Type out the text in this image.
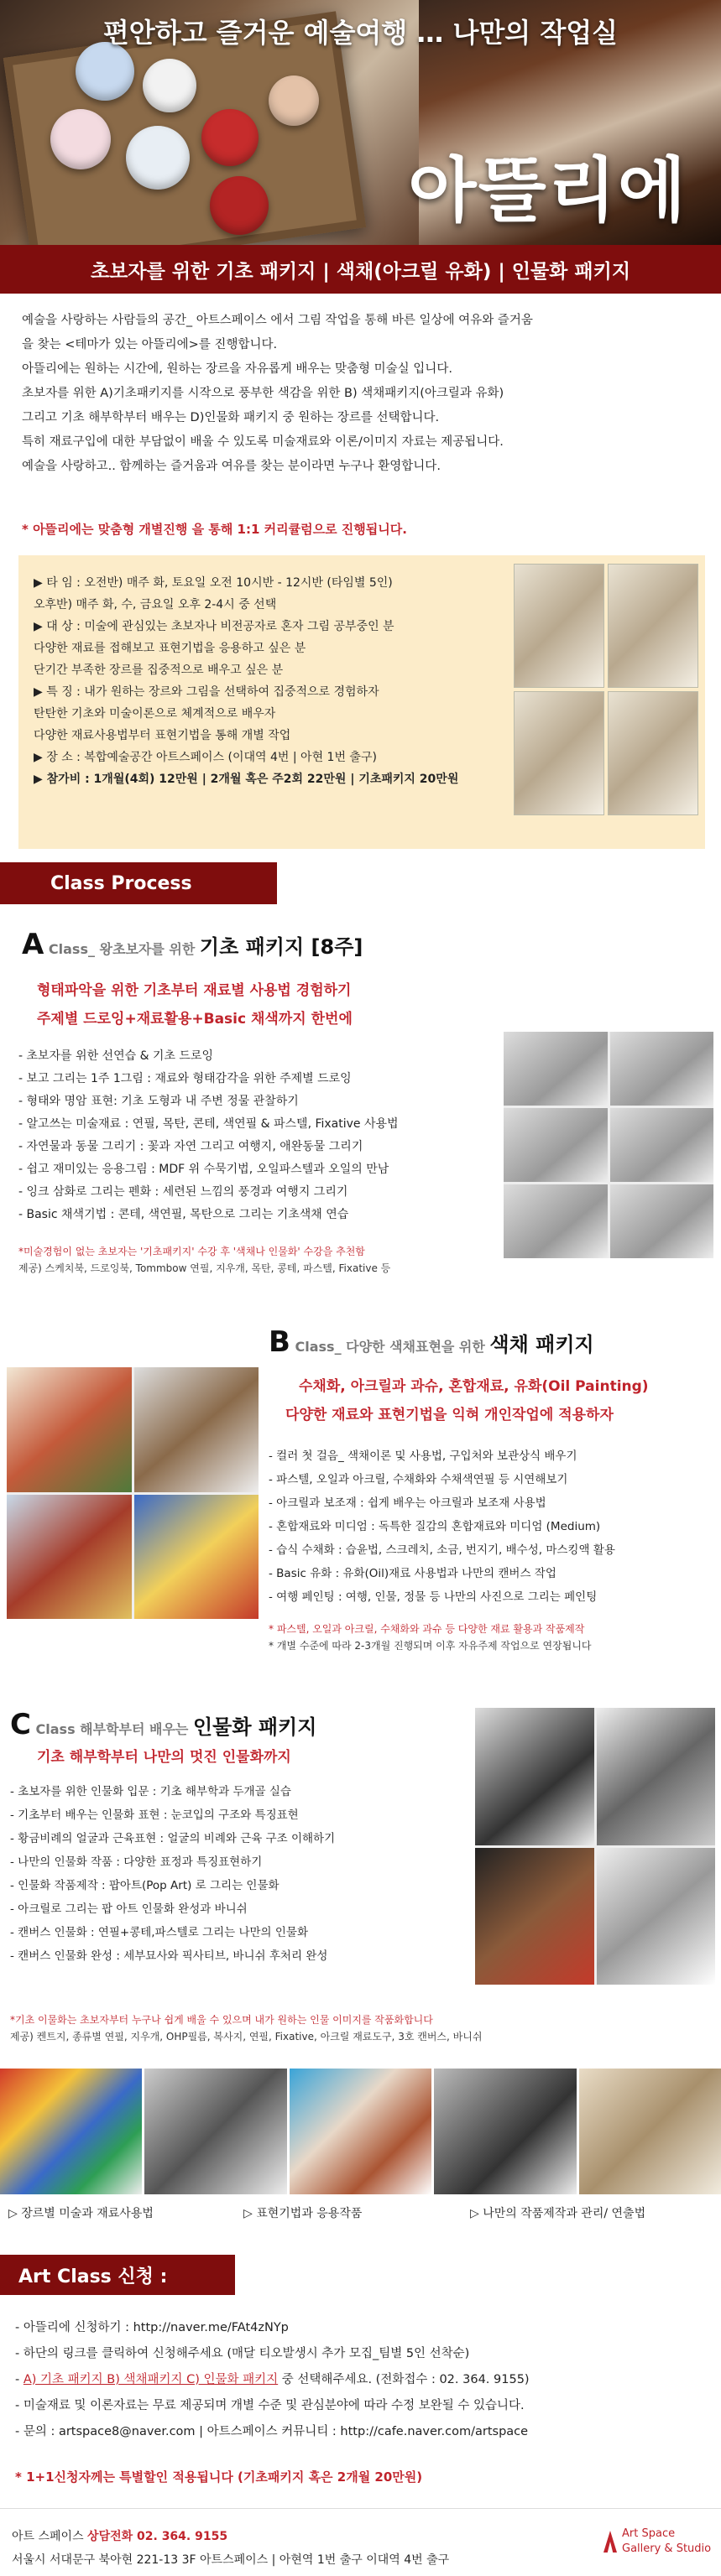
편안하고 즐거운 예술여행 … 나만의 작업실
아뜰리에
초보자를 위한 기초 패키지 | 색채(아크릴 유화) | 인물화 패키지

예술을 사랑하는 사람들의 공간_ 아트스페이스 에서 그림 작업을 통해 바른 일상에 여유와 즐거움

을 찾는 <테마가 있는 아뜰리에>를 진행합니다.

아뜰리에는 원하는 시간에, 원하는 장르을 자유롭게 배우는 맞춤형 미술실 입니다.

초보자를 위한 A)기초패키지를 시작으로 풍부한 색감을 위한 B) 색채패키지(아크릴과 유화)

그리고 기초 해부학부터 배우는 D)인물화 패키지 중 원하는 장르를 선택합니다.

특히 재료구입에 대한 부담없이 배울 수 있도록 미술재료와 이론/이미지 자료는 제공됩니다.

예술을 사랑하고.. 함께하는 즐거움과 여유를 찾는 분이라면 누구나 환영합니다.

* 아뜰리에는 맞춤형 개별진행 을 통해 1:1 커리큘럼으로 진행됩니다.
▶ 타 임 : 오전반) 매주 화, 토요일 오전 10시반 - 12시반 (타임별 5인)
오후반) 매주 화, 수, 금요일 오후 2-4시 중 선택
▶ 대 상 : 미술에 관심있는 초보자나 비전공자로 혼자 그림 공부중인 분
다양한 재료를 접해보고 표현기법을 응용하고 싶은 분
단기간 부족한 장르를 집중적으로 배우고 싶은 분
▶ 특 징 : 내가 원하는 장르와 그림을 선택하여 집중적으로 경험하자
탄탄한 기초와 미술이론으로 체계적으로 배우자
다양한 재료사용법부터 표현기법을 통해 개별 작업
▶ 장 소 : 복합예술공간 아트스페이스 (이대역 4번 | 아현 1번 출구)
▶ 참가비 : 1개월(4회) 12만원 | 2개월 혹은 주2회 22만원 | 기초패키지 20만원
Class Process
A Class_ 왕초보자를 위한 기초 패키지 [8주]
형태파악을 위한 기초부터 재료별 사용법 경험하기
주제별 드로잉+재료활용+Basic 채색까지 한번에
- 초보자를 위한 선연습 & 기초 드로잉
- 보고 그리는 1주 1그림 : 재료와 형태감각을 위한 주제별 드로잉
- 형태와 명암 표현: 기초 도형과 내 주변 정물 관찰하기
- 알고쓰는 미술재료 : 연필, 목탄, 콘테, 색연필 & 파스텔, Fixative 사용법
- 자연물과 동물 그리기 : 꽃과 자연 그리고 여행지, 애완동물 그리기
- 쉽고 재미있는 응용그림 : MDF 위 수묵기법, 오일파스텔과 오일의 만남
- 잉크 삼화로 그리는 펜화 : 세련된 느낌의 풍경과 여행지 그리기
- Basic 채색기법 : 콘테, 색연필, 목탄으로 그리는 기초색채 연습
*미술경험이 없는 초보자는 '기초패키지' 수강 후 '색채나 인물화' 수강을 추천함
제공) 스케치북, 드로잉북, Tommbow 연필, 지우개, 목탄, 콩테, 파스텔, Fixative 등
B Class_ 다양한 색채표현을 위한 색채 패키지
수채화, 아크릴과 과슈, 혼합재료, 유화(Oil Painting)
다양한 재료와 표현기법을 익혀 개인작업에 적용하자
- 컬러 첫 걸음_ 색채이론 및 사용법, 구입처와 보관상식 배우기
- 파스텔, 오일과 아크릴, 수채화와 수채색연필 등 시연해보기
- 아크릴과 보조재 : 쉽게 배우는 아크릴과 보조재 사용법
- 혼합재료와 미디엄 : 독특한 질감의 혼합재료와 미디엄 (Medium)
- 습식 수채화 : 습윤법, 스크레치, 소금, 번지기, 배수성, 마스킹액 활용
- Basic 유화 : 유화(Oil)재료 사용법과 나만의 캔버스 작업
- 여행 페인팅 : 여행, 인물, 정물 등 나만의 사진으로 그리는 페인팅
* 파스텔, 오일과 아크릴, 수채화와 과슈 등 다양한 재료 활용과 작품제작
* 개별 수준에 따라 2-3개월 진행되며 이후 자유주제 작업으로 연장됩니다
C Class 해부학부터 배우는 인물화 패키지
기초 해부학부터 나만의 멋진 인물화까지
- 초보자를 위한 인물화 입문 : 기초 해부학과 두개골 실습
- 기초부터 배우는 인물화 표현 : 눈코입의 구조와 특징표현
- 황금비례의 얼굴과 근육표현 : 얼굴의 비례와 근육 구조 이해하기
- 나만의 인물화 작품 : 다양한 표정과 특징표현하기
- 인물화 작품제작 : 팝아트(Pop Art) 로 그리는 인물화
- 아크릴로 그리는 팝 아트 인물화 완성과 바니쉬
- 캔버스 인물화 : 연필+콩테,파스텔로 그리는 나만의 인물화
- 캔버스 인물화 완성 : 세부묘사와 픽사티브, 바니쉬 후처리 완성
*기초 이물화는 초보자부터 누구나 쉽게 배울 수 있으며 내가 원하는 인물 이미지를 작품화합니다
제공) 켄트지, 종류별 연필, 지우개, OHP필름, 복사지, 연필, Fixative, 아크릴 재료도구, 3호 캔버스, 바니쉬
▷ 장르별 미술과 재료사용법	▷ 표현기법과 응용작품	▷ 나만의 작품제작과 관리/ 연출법
Art Class 신청 :
- 아뜰리에 신청하기 : http://naver.me/FAt4zNYp
- 하단의 링크를 클릭하여 신청해주세요 (매달 티오발생시 추가 모집_팀별 5인 선착순)
- A) 기초 패키지 B) 색채패키지 C) 인물화 패키지 중 선택해주세요. (전화접수 : 02. 364. 9155)
- 미술재료 및 이론자료는 무료 제공되며 개별 수준 및 관심분야에 따라 수정 보완될 수 있습니다.
- 문의 : artspace8@naver.com | 아트스페이스 커뮤니티 : http://cafe.naver.com/artspace
* 1+1신청자께는 특별할인 적용됩니다 (기초패키지 혹은 2개월 20만원)
아트 스페이스 상담전화 02. 364. 9155
서울시 서대문구 북아현 221-13 3F 아트스페이스 | 아현역 1번 출구 이대역 4번 출구
Art Space
Gallery & Studio
